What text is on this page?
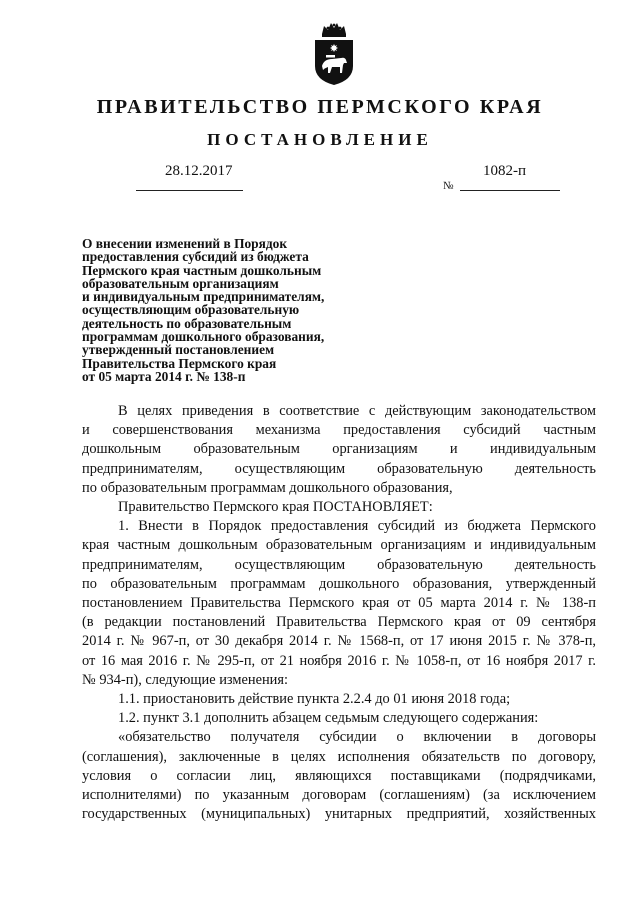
ПРАВИТЕЛЬСТВО ПЕРМСКОГО КРАЯ
ПОСТАНОВЛЕНИЕ
28.12.2017
№
1082-п
О внесении изменений в Порядок
предоставления субсидий из бюджета
Пермского края частным дошкольным
образовательным организациям
и индивидуальным предпринимателям,
осуществляющим образовательную
деятельность по образовательным
программам дошкольного образования,
утвержденный постановлением
Правительства Пермского края
от 05 марта 2014 г. № 138-п
В целях приведения в соответствие с действующим законодательством
и совершенствования механизма предоставления субсидий частным
дошкольным образовательным организациям и индивидуальным
предпринимателям, осуществляющим образовательную деятельность
по образовательным программам дошкольного образования,
Правительство Пермского края ПОСТАНОВЛЯЕТ:
1. Внести в Порядок предоставления субсидий из бюджета Пермского
края частным дошкольным образовательным организациям и индивидуальным
предпринимателям, осуществляющим образовательную деятельность
по образовательным программам дошкольного образования, утвержденный
постановлением Правительства Пермского края от 05 марта 2014 г. № 138-п
(в редакции постановлений Правительства Пермского края от 09 сентября
2014 г. № 967-п, от 30 декабря 2014 г. № 1568-п, от 17 июня 2015 г. № 378-п,
от 16 мая 2016 г. № 295-п, от 21 ноября 2016 г. № 1058-п, от 16 ноября 2017 г.
№ 934-п), следующие изменения:
1.1. приостановить действие пункта 2.2.4 до 01 июня 2018 года;
1.2. пункт 3.1 дополнить абзацем седьмым следующего содержания:
«обязательство получателя субсидии о включении в договоры
(соглашения), заключенные в целях исполнения обязательств по договору,
условия о согласии лиц, являющихся поставщиками (подрядчиками,
исполнителями) по указанным договорам (соглашениям) (за исключением
государственных (муниципальных) унитарных предприятий, хозяйственных
